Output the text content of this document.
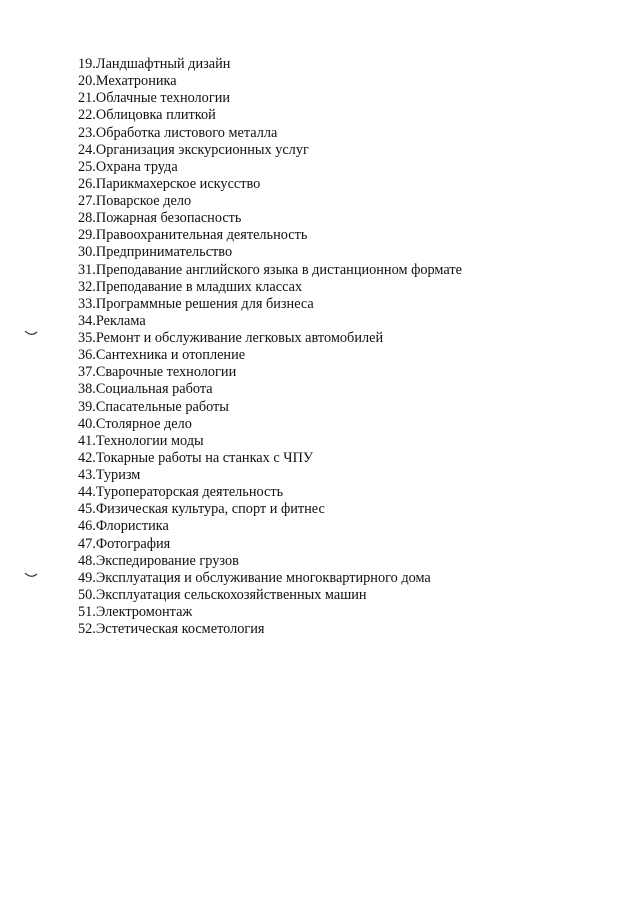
19.Ландшафтный дизайн
20.Мехатроника
21.Облачные технологии
22.Облицовка плиткой
23.Обработка листового металла
24.Организация экскурсионных услуг
25.Охрана труда
26.Парикмахерское искусство
27.Поварское дело
28.Пожарная безопасность
29.Правоохранительная деятельность
30.Предпринимательство
31.Преподавание английского языка в дистанционном формате
32.Преподавание в младших классах
33.Программные решения для бизнеса
34.Реклама
35.Ремонт и обслуживание легковых автомобилей
36.Сантехника и отопление
37.Сварочные технологии
38.Социальная работа
39.Спасательные работы
40.Столярное дело
41.Технологии моды
42.Токарные работы на станках с ЧПУ
43.Туризм
44.Туроператорская деятельность
45.Физическая культура, спорт и фитнес
46.Флористика
47.Фотография
48.Экспедирование грузов
49.Эксплуатация и обслуживание многоквартирного дома
50.Эксплуатация сельскохозяйственных машин
51.Электромонтаж
52.Эстетическая косметология
